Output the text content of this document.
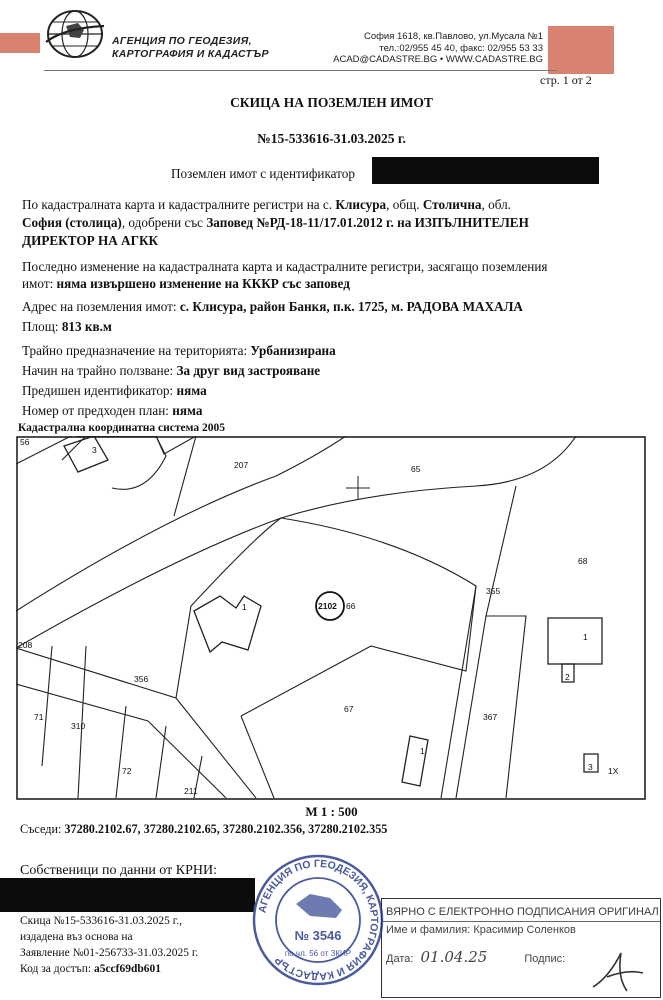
АГЕНЦИЯ ПО ГЕОДЕЗИЯ,
КАРТОГРАФИЯ И КАДАСТЪР
София 1618, кв.Павлово, ул.Мусала №1
тел.:02/955 45 40, факс: 02/955 53 33
ACAD@CADASTRE.BG • WWW.CADASTRE.BG
стр. 1 от 2
СКИЦА НА ПОЗЕМЛЕН ИМОТ
№15-533616-31.03.2025 г.
Поземлен имот с идентификатор
По кадастралната карта и кадастралните регистри на с. Клисура, общ. Столична, обл.
София (столица), одобрени със Заповед №РД-18-11/17.01.2012 г. на ИЗПЪЛНИТЕЛЕН
ДИРЕКТОР НА АГКК
Последно изменение на кадастралната карта и кадастралните регистри, засягащо поземления
имот: няма извършено изменение на КККР със заповед
Адрес на поземления имот: с. Клисура, район Банкя, п.к. 1725, м. РАДОВА МАХАЛА
Площ: 813 кв.м
Трайно предназначение на територията: Урбанизирана
Начин на трайно ползване: За друг вид застрояване
Предишен идентификатор: няма
Номер от предходен план: няма
Кадастрална координатна система 2005
56
3
207	65
68
2102 66
1
1
2
355
208
356
67
367
71
310
72
211
1
3 1Х
М 1 : 500
Съседи: 37280.2102.67, 37280.2102.65, 37280.2102.356, 37280.2102.355
Собственици по данни от КРНИ:
Скица №15-533616-31.03.2025 г.,
издадена въз основа на
Заявление №01-256733-31.03.2025 г.
Код за достъп: a5ccf69db601
АГЕНЦИЯ ПО ГЕОДЕЗИЯ, КАРТОГРАФИЯ И КАДАСТЪР
№ 3546
по чл. 56 от ЗКИР
ВЯРНО С ЕЛЕКТРОННО ПОДПИСАНИЯ ОРИГИНАЛ
Име и фамилия: Красимир Соленков
Дата: 01.04.25	Подпис:
